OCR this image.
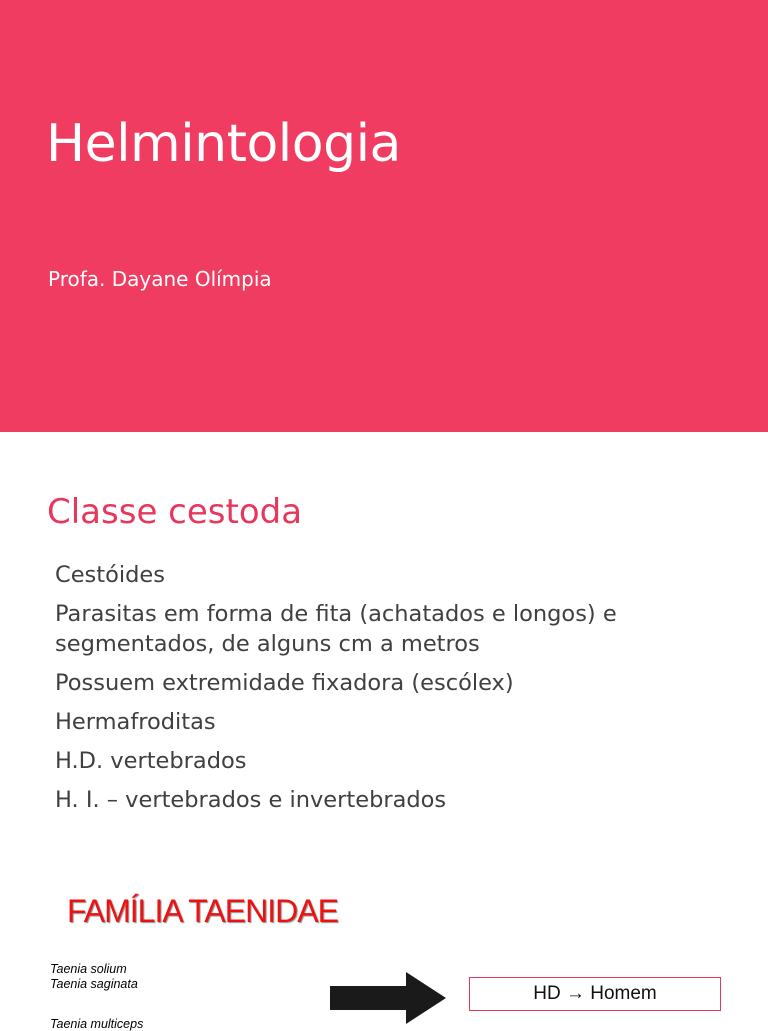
Helmintologia
Profa. Dayane Olímpia
Classe cestoda
Cestóides
Parasitas em forma de fita (achatados e longos) e segmentados, de alguns cm a metros
Possuem extremidade fixadora (escólex)
Hermafroditas
H.D. vertebrados
H. I. – vertebrados e invertebrados
FAMÍLIA TAENIDAE
Taenia solium
Taenia saginata
Taenia multiceps
HD → Homem
